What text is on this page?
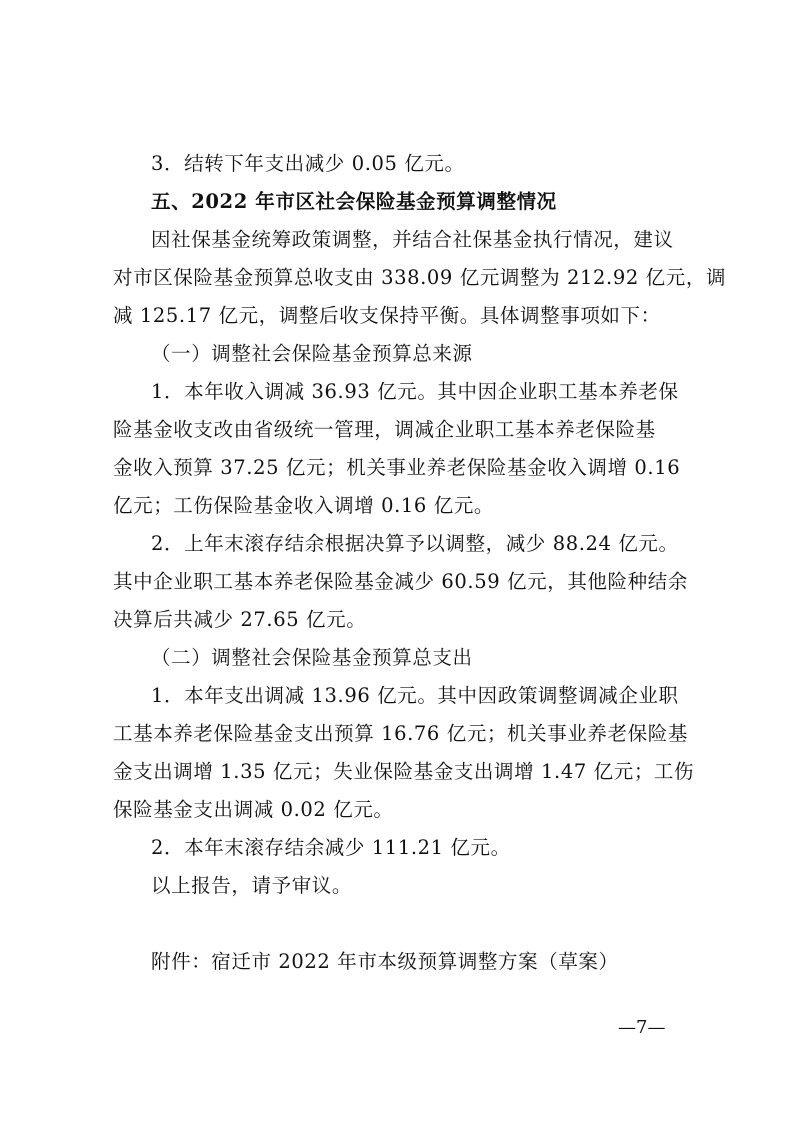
3．结转下年支出减少 0.05 亿元。
五、2022 年市区社会保险基金预算调整情况
因社保基金统筹政策调整，并结合社保基金执行情况，建议
对市区保险基金预算总收支由 338.09 亿元调整为 212.92 亿元，调
减 125.17 亿元，调整后收支保持平衡。具体调整事项如下：
（一）调整社会保险基金预算总来源
1．本年收入调减 36.93 亿元。其中因企业职工基本养老保
险基金收支改由省级统一管理，调减企业职工基本养老保险基
金收入预算 37.25 亿元；机关事业养老保险基金收入调增 0.16
亿元；工伤保险基金收入调增 0.16 亿元。
2．上年末滚存结余根据决算予以调整，减少 88.24 亿元。
其中企业职工基本养老保险基金减少 60.59 亿元，其他险种结余
决算后共减少 27.65 亿元。
（二）调整社会保险基金预算总支出
1．本年支出调减 13.96 亿元。其中因政策调整调减企业职
工基本养老保险基金支出预算 16.76 亿元；机关事业养老保险基
金支出调增 1.35 亿元；失业保险基金支出调增 1.47 亿元；工伤
保险基金支出调减 0.02 亿元。
2．本年末滚存结余减少 111.21 亿元。
以上报告，请予审议。
附件：宿迁市 2022 年市本级预算调整方案（草案）
—7—
